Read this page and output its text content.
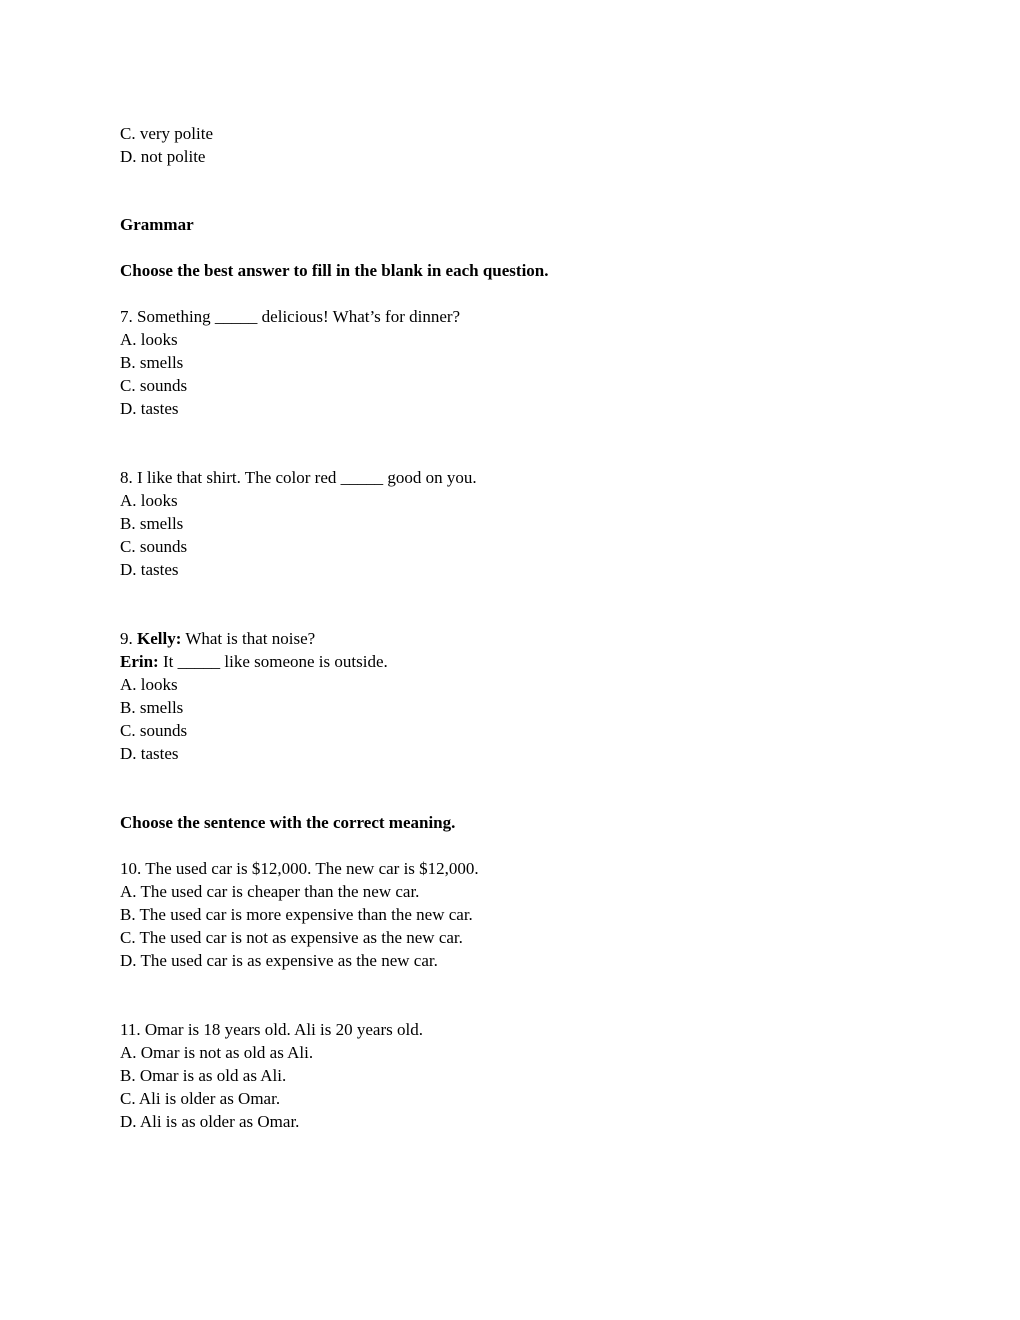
C. very polite
D. not polite
Grammar
Choose the best answer to fill in the blank in each question.
7. Something _____ delicious! What’s for dinner?
A. looks
B. smells
C. sounds
D. tastes
8. I like that shirt. The color red _____ good on you.
A. looks
B. smells
C. sounds
D. tastes
9. Kelly: What is that noise?
Erin: It _____ like someone is outside.
A. looks
B. smells
C. sounds
D. tastes
Choose the sentence with the correct meaning.
10. The used car is $12,000. The new car is $12,000.
A. The used car is cheaper than the new car.
B. The used car is more expensive than the new car.
C. The used car is not as expensive as the new car.
D. The used car is as expensive as the new car.
11. Omar is 18 years old. Ali is 20 years old.
A. Omar is not as old as Ali.
B. Omar is as old as Ali.
C. Ali is older as Omar.
D. Ali is as older as Omar.
